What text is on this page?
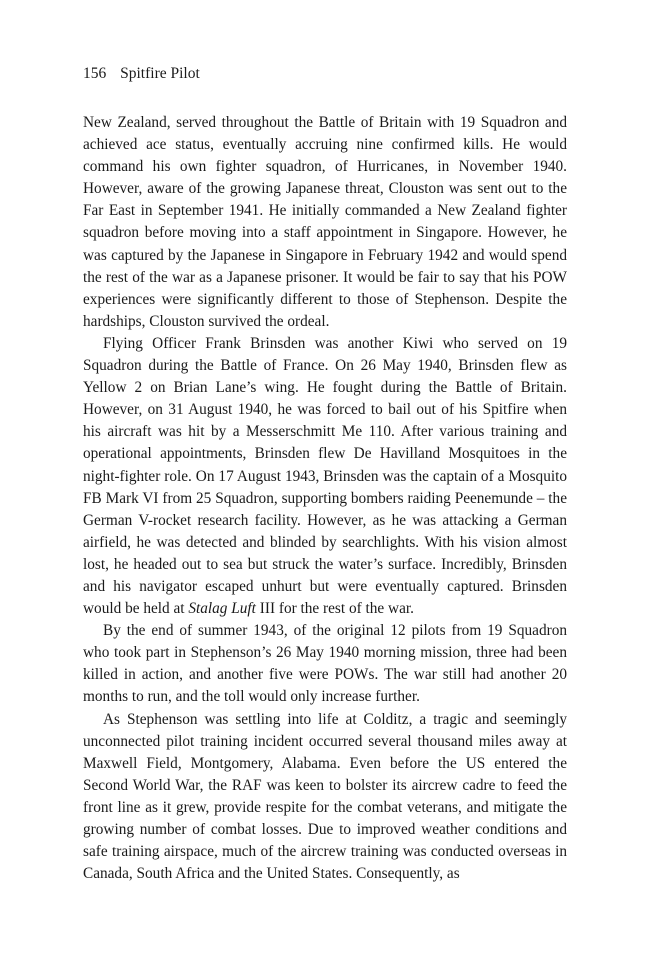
156 Spitfire Pilot

New Zealand, served throughout the Battle of Britain with 19 Squadron and achieved ace status, eventually accruing nine confirmed kills. He would command his own fighter squadron, of Hurricanes, in November 1940. However, aware of the growing Japanese threat, Clouston was sent out to the Far East in September 1941. He initially commanded a New Zealand fighter squadron before moving into a staff appointment in Singapore. However, he was captured by the Japanese in Singapore in February 1942 and would spend the rest of the war as a Japanese prisoner. It would be fair to say that his POW experiences were significantly different to those of Stephenson. Despite the hardships, Clouston survived the ordeal.

Flying Officer Frank Brinsden was another Kiwi who served on 19 Squadron during the Battle of France. On 26 May 1940, Brinsden flew as Yellow 2 on Brian Lane’s wing. He fought during the Battle of Britain. However, on 31 August 1940, he was forced to bail out of his Spitfire when his aircraft was hit by a Messerschmitt Me 110. After various training and operational appointments, Brinsden flew De Havilland Mosquitoes in the night-fighter role. On 17 August 1943, Brinsden was the captain of a Mosquito FB Mark VI from 25 Squadron, supporting bombers raiding Peenemunde – the German V-rocket research facility. However, as he was attacking a German airfield, he was detected and blinded by searchlights. With his vision almost lost, he headed out to sea but struck the water’s surface. Incredibly, Brinsden and his navigator escaped unhurt but were eventually captured. Brinsden would be held at Stalag Luft III for the rest of the war.

By the end of summer 1943, of the original 12 pilots from 19 Squadron who took part in Stephenson’s 26 May 1940 morning mission, three had been killed in action, and another five were POWs. The war still had another 20 months to run, and the toll would only increase further.

As Stephenson was settling into life at Colditz, a tragic and seemingly unconnected pilot training incident occurred several thousand miles away at Maxwell Field, Montgomery, Alabama. Even before the US entered the Second World War, the RAF was keen to bolster its aircrew cadre to feed the front line as it grew, provide respite for the combat veterans, and mitigate the growing number of combat losses. Due to improved weather conditions and safe training airspace, much of the aircrew training was conducted overseas in Canada, South Africa and the United States. Consequently, as
